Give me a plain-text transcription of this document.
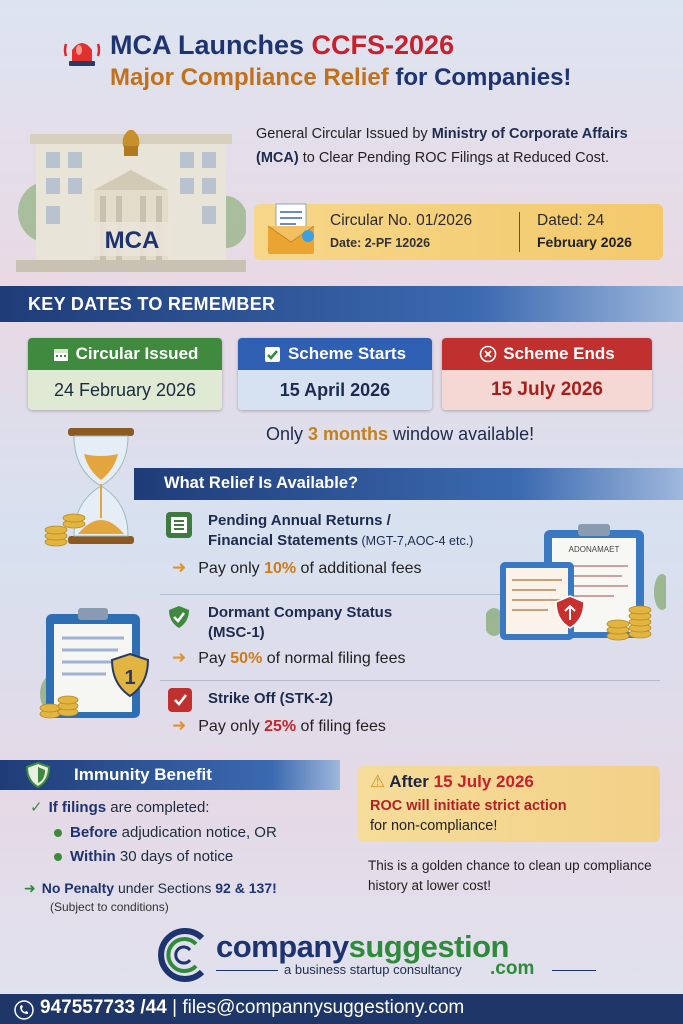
MCA Launches CCFS-2026
Major Compliance Relief for Companies!
MCA
General Circular Issued by Ministry of Corporate Affairs (MCA) to Clear Pending ROC Filings at Reduced Cost.
Circular No. 01/2026
Date: 2-PF 12026
Dated: 24
February 2026
KEY DATES TO REMEMBER
Circular Issued
24 February 2026
Scheme Starts
15 April 2026
Scheme Ends
15 July 2026
Only 3 months window available!
What Relief Is Available?
Pending Annual Returns /
Financial Statements (MGT-7,AOC-4 etc.)
➜ Pay only 10% of additional fees
Dormant Company Status
(MSC-1)
➜ Pay 50% of normal filing fees
Strike Off (STK-2)
➜ Pay only 25% of filing fees
1
ADONAMAET
Immunity Benefit
✓ If filings are completed:
Before adjudication notice, OR
Within 30 days of notice
➜ No Penalty under Sections 92 & 137!
(Subject to conditions)
⚠ After 15 July 2026
ROC will initiate strict action
for non-compliance!
This is a golden chance to clean up compliance history at lower cost!
companysuggestion
a business startup consultancy .com
947557733 /44 | files@compannysuggestiony.com
